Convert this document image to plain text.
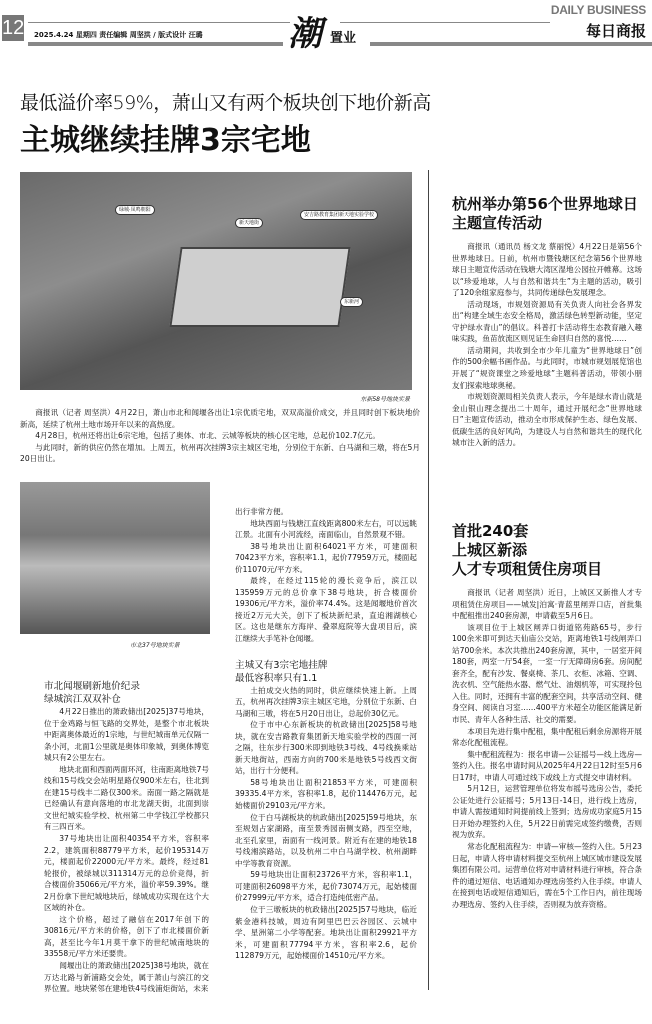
12 2025.4.24 星期四 责任编辑 周坚洪 / 版式设计 汪璐	潮 置业
DAILY BUSINESS
每日商报
最低溢价率59%，萧山又有两个板块创下地价新高
主城继续挂牌3宗宅地
绿城·凤鸣朝阳
新天地街
安吉路教育集团新天地实验学校
东新河
东新58号地块实景

商报讯（记者 周坚洪）4月22日，萧山市北和闻堰各出让1宗优质宅地，双双高溢价成交，并且同时创下板块地价新高，延续了杭州土地市场开年以来的高热度。

4月28日，杭州还将出让6宗宅地，包括了奥体、市北、云城等板块的核心区宅地，总起价102.7亿元。

与此同时，新的供应仍然在增加。上周五，杭州再次挂牌3宗主城区宅地，分别位于东新、白马湖和三墩，将在5月20日出让。

市北37号地块实景
市北闻堰刷新地价纪录
绿城滨江双双补仓

4月22日推出的萧政储出[2025]37号地块，位于金鸡路与恒飞路的交界处，是整个市北板块中距离奥体最近的1宗地，与世纪城南单元仅隔一条小河，北面1公里就是奥体印象城，到奥体博览城只有2公里左右。

地块北面和西面两面环河，往南距离地铁7号线和15号线交会站明星路仅900米左右，往北到在建15号线丰二路仅300米。南面一路之隔就是已经确认有意向落地的市北龙湖天街，北面到崇文世纪城实验学校、杭州第二中学钱江学校都只有三四百米。

37号地块出让面积40354平方米，容积率2.2，建筑面积88779平方米，起价195314万元，楼面起价22000元/平方米。最终，经过81轮报价，被绿城以311314万元的总价竞得，折合楼面价35066元/平方米，溢价率59.39%。继2月份拿下世纪城地块后，绿城成功实现在这个大区域的补仓。

这个价格，超过了融信在2017年创下的30816元/平方米的价格，创下了市北楼面价新高，甚至比今年1月莫干拿下的世纪城南地块的33558元/平方米还要贵。

闻堰出让的萧政储出[2025]38号地块，就在万达北路与新浦路交会处，属于萧山与滨江的交界位置。地块紧邻在建地铁4号线浦炬街站，未来

出行非常方便。

地块西面与钱塘江直线距离800米左右，可以远眺江景。北面有小河流经，南面临山，自然景观不错。

38号地块出让面积64021平方米，可建面积70423平方米，容积率1.1，起价77959万元，楼面起价11070元/平方米。

最终，在经过115轮的漫长竞争后，滨江以135959万元的总价拿下38号地块，折合楼面价19306元/平方米，溢价率74.4%。这是闻堰地价首次接近2万元大关，创下了板块新纪录，直追湘湖核心区。这也是继东方海岸、叠翠庭院等大盘项目后，滨江继续大手笔补仓闻堰。

主城又有3宗宅地挂牌
最低容积率只有1.1

土拍成交火热的同时，供应继续快速上新。上周五，杭州再次挂牌3宗主城区宅地，分别位于东新、白马湖和三墩，将在5月20日出让，总起价30亿元。

位于市中心东新板块的杭政储出[2025]58号地块，就在安吉路教育集团新天地实验学校的西面一河之隔，往东步行300米即到地铁3号线、4号线换乘站新天地街站，西南方向的700米是地铁5号线西文街站，出行十分便利。

58号地块出让面积21853平方米，可建面积39335.4平方米，容积率1.8，起价114476万元，起始楼面价29103元/平方米。

位于白马湖板块的杭政储出[2025]59号地块，东至规划占家湖路，南至景秀园南侧支路，西至空地，北至孔家里，南面有一线河景。附近有在建的地铁18号线湘滨路站，以及杭州二中白马湖学校、杭州湖畔中学等教育资源。

59号地块出让面积23726平方米，容积率1.1，可建面积26098平方米，起价73074万元，起始楼面价27999元/平方米，适合打造纯低密产品。

位于三墩板块的杭政储出[2025]57号地块，临近紫金港科技城，周边有阿里巴巴云谷园区、云城中学、星洲第二小学等配套。地块出让面积29921平方米，可建面积77794平方米，容积率2.6，起价112879万元，起始楼面价14510元/平方米。

杭州举办第56个世界地球日主题宣传活动

商报讯（通讯员 杨文龙 蔡丽悦）4月22日是第56个世界地球日。日前，杭州市暨钱塘区纪念第56个世界地球日主题宣传活动在钱塘大湾区湿地公园拉开帷幕。这场以“珍爱地球，人与自然和谐共生”为主题的活动，吸引了120余组家庭参与，共同传递绿色发展理念。

活动现场，市规划资源局有关负责人向社会各界发出“构建全域生态安全格局，激活绿色转型新动能，坚定守护绿水青山”的倡议。科普打卡活动将生态教育融入趣味实践，鱼苗放流区则见证生命回归自然的喜悦……

活动期间，共收到全市少年儿童为“世界地球日”创作的500余幅书画作品。与此同时，市城市规划展览馆也开展了“规资课堂之珍爱地球”主题科普活动，带领小朋友们探索地球奥秘。

市规划资源局相关负责人表示，今年是绿水青山就是金山银山理念提出二十周年，通过开展纪念“世界地球日”主题宣传活动，推动全市形成保护生态、绿色发展、低碳生活的良好风尚，为建设人与自然和谐共生的现代化城市注入新的活力。

首批240套
上城区新添
人才专项租赁住房项目

商报讯（记者 周坚洪）近日，上城区又新推人才专项租赁住房项目——城发|泊寓·青蓝里闸弄口店，首批集中配租推出240套房源，申请截至5月6日。

该项目位于上城区闸弄口街道铭苑路65号，步行100余米即可到达天仙庙公交站，距离地铁1号线闸弄口站700余米。本次共推出240套房源，其中，一居室开间180套，两室一厅54套，一室一厅无障碍房6套。房间配套齐全，配有沙发、餐桌椅、茶几、衣柜、冰箱、空调、洗衣机、空气能热水器、燃气灶、油烟机等，可实现拎包入住。同时，还拥有丰富的配套空间，共享活动空间、健身空间、阅读自习室……400平方米超全功能区能满足新市民、青年人各种生活、社交的需要。

本项目先进行集中配租，集中配租后剩余房源将开展常态化配租流程。

集中配租流程为：报名申请—公证摇号—线上选房—签约入住。报名申请时间从2025年4月22日12时至5月6日17时，申请人可通过线下或线上方式提交申请材料。

5月12日，运营管理单位将发布摇号选房公告，委托公证处进行公证摇号；5月13日-14日，进行线上选房，申请人需按通知时间提前线上签到；选房成功家庭5月15日开始办理签约入住，5月22日前需完成签约缴费，否则视为放弃。

常态化配租流程为：申请—审核—签约入住。5月23日起，申请人将申请材料提交至杭州上城区城市建设发展集团有限公司。运营单位将对申请材料进行审核，符合条件的通过短信、电话通知办理选房签约入住手续。申请人在接到电话或短信通知后，需在5个工作日内，前往现场办理选房、签约入住手续，否则视为放弃资格。
